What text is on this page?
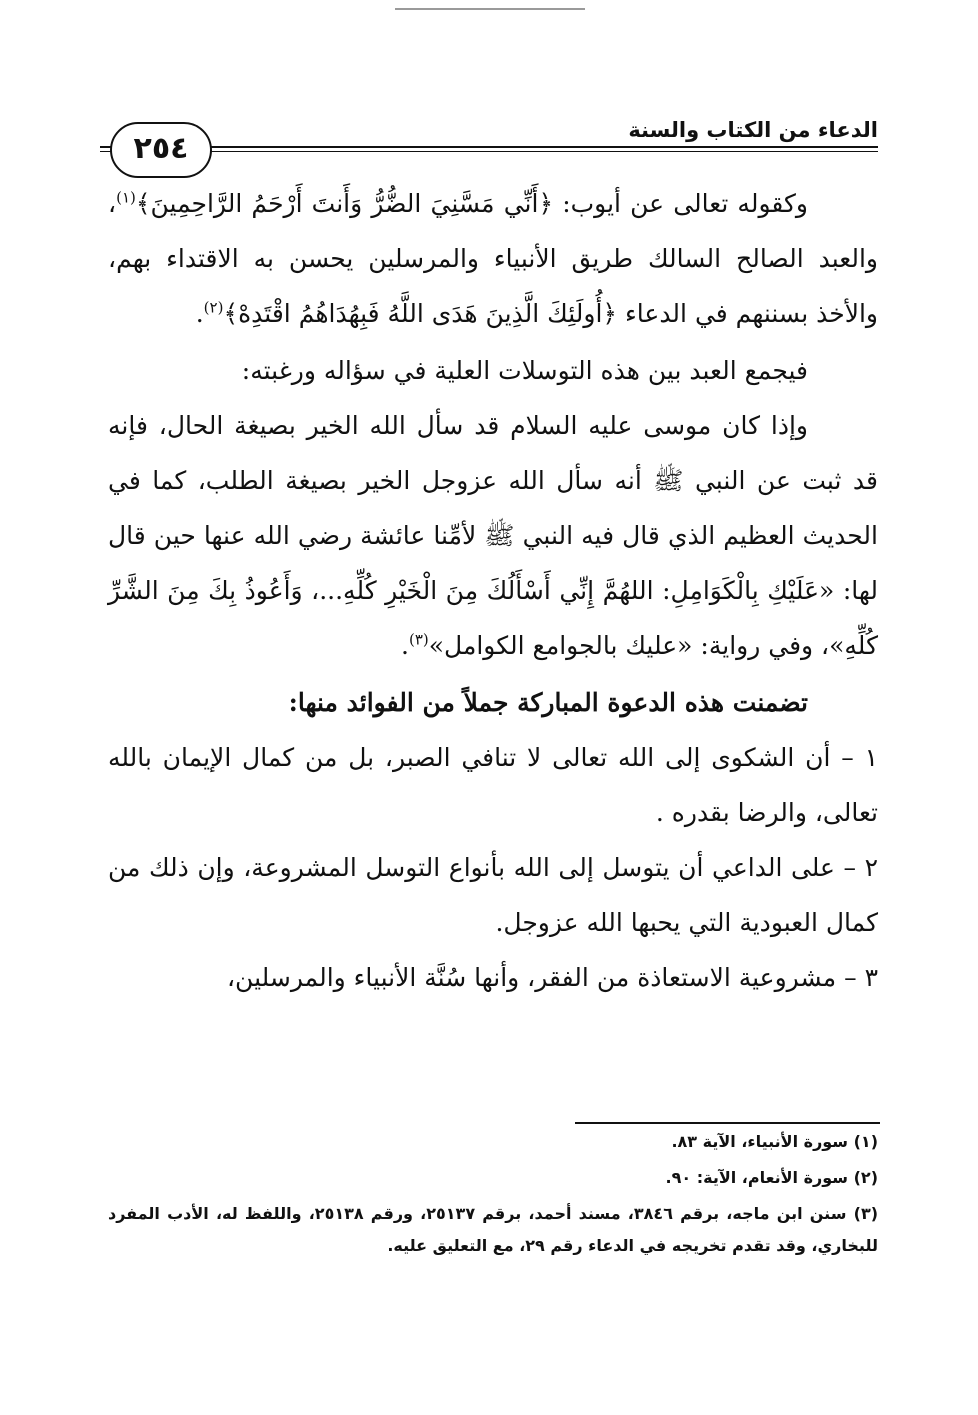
الدعاء من الكتاب والسنة
٢٥٤

وكقوله تعالى عن أيوب: ﴿أَنِّي مَسَّنِيَ الضُّرُّ وَأَنتَ أَرْحَمُ الرَّاحِمِينَ﴾$^{(١)}$، والعبد الصالح السالك طريق الأنبياء والمرسلين يحسن به الاقتداء بهم، والأخذ بسننهم في الدعاء ﴿أُولَئِكَ الَّذِينَ هَدَى اللَّهُ فَبِهُدَاهُمُ اقْتَدِهْ﴾$^{(٢)}$.

فيجمع العبد بين هذه التوسلات العلية في سؤاله ورغبته:

وإذا كان موسى عليه السلام قد سأل الله الخير بصيغة الحال، فإنه قد ثبت عن النبي ﷺ أنه سأل الله عزوجل الخير بصيغة الطلب، كما في الحديث العظيم الذي قال فيه النبي ﷺ لأمِّنا عائشة رضي الله عنها حين قال لها: «عَلَيْكِ بِالْكَوَامِلِ: اللهُمَّ إِنِّي أَسْأَلُكَ مِنَ الْخَيْرِ كُلِّهِ...، وَأَعُوذُ بِكَ مِنَ الشَّرِّ كُلِّهِ»، وفي رواية: «عليك بالجوامع الكوامل»$^{(٣)}$.

تضمنت هذه الدعوة المباركة جملاً من الفوائد منها:

١ – أن الشكوى إلى الله تعالى لا تنافي الصبر، بل من كمال الإيمان بالله تعالى، والرضا بقدره .

٢ – على الداعي أن يتوسل إلى الله بأنواع التوسل المشروعة، وإن ذلك من كمال العبودية التي يحبها الله عزوجل.

٣ – مشروعية الاستعاذة من الفقر، وأنها سُنَّة الأنبياء والمرسلين،

(١) سورة الأنبياء، الآية ٨٣.

(٢) سورة الأنعام، الآية: ٩٠.

(٣) سنن ابن ماجه، برقم ٣٨٤٦، مسند أحمد، برقم ٢٥١٣٧، ورقم ٢٥١٣٨، واللفظ له، الأدب المفرد للبخاري، وقد تقدم تخريجه في الدعاء رقم ٢٩، مع التعليق عليه.
